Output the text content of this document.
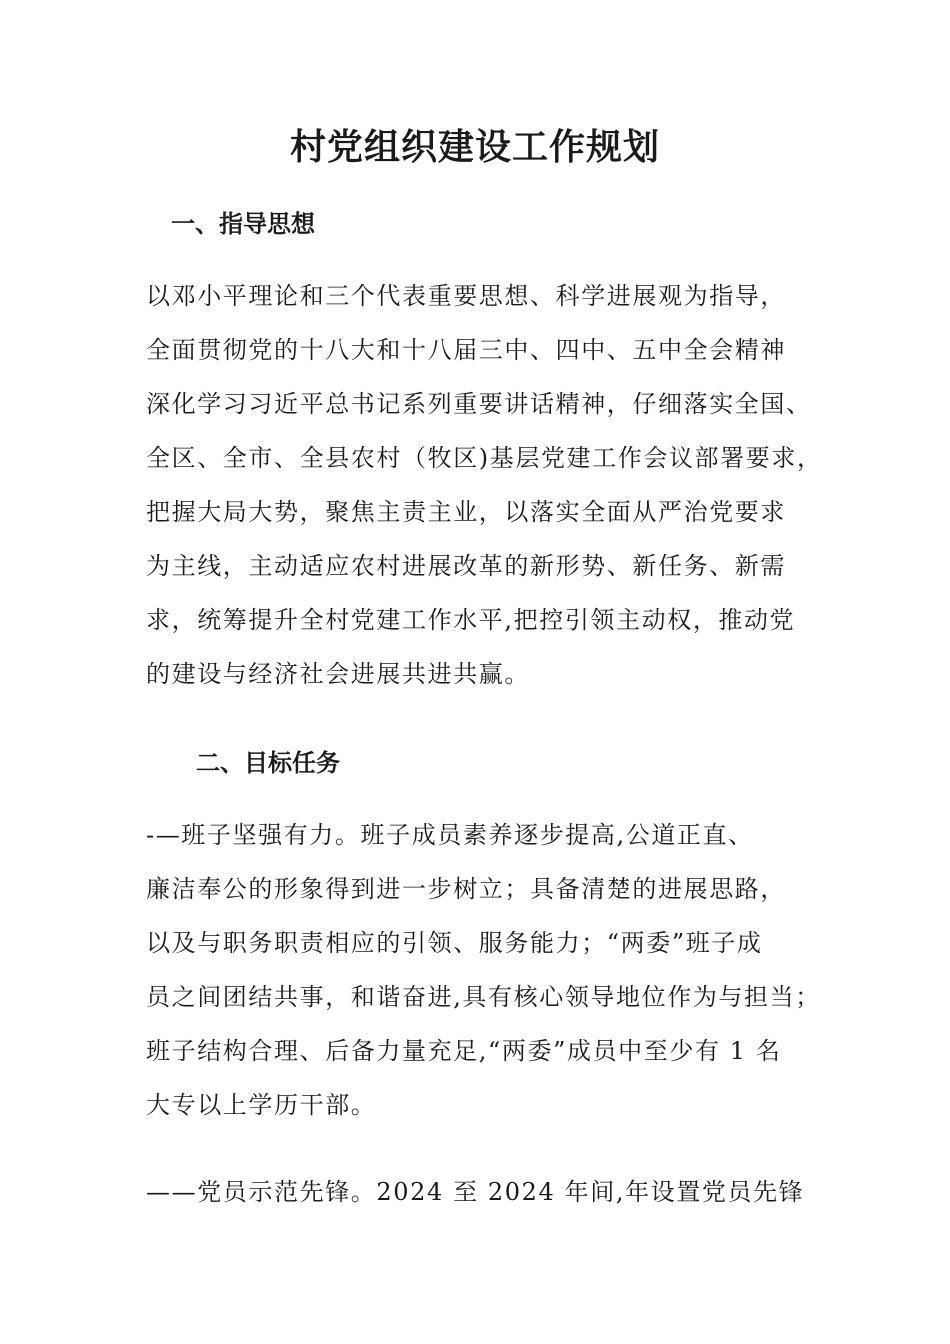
村党组织建设工作规划
一、指导思想
以邓小平理论和三个代表重要思想、科学进展观为指导，
全面贯彻党的十八大和十八届三中、四中、五中全会精神
深化学习习近平总书记系列重要讲话精神，仔细落实全国、
全区、全市、全县农村（牧区)基层党建工作会议部署要求，
把握大局大势，聚焦主责主业，以落实全面从严治党要求
为主线，主动适应农村进展改革的新形势、新任务、新需
求，统筹提升全村党建工作水平,把控引领主动权，推动党
的建设与经济社会进展共进共赢。
二、目标任务
-—班子坚强有力。班子成员素养逐步提高,公道正直、
廉洁奉公的形象得到进一步树立；具备清楚的进展思路，
以及与职务职责相应的引领、服务能力；“两委”班子成
员之间团结共事，和谐奋进,具有核心领导地位作为与担当；
班子结构合理、后备力量充足,“两委”成员中至少有 1 名
大专以上学历干部。
——党员示范先锋。2024 至 2024 年间,年设置党员先锋
